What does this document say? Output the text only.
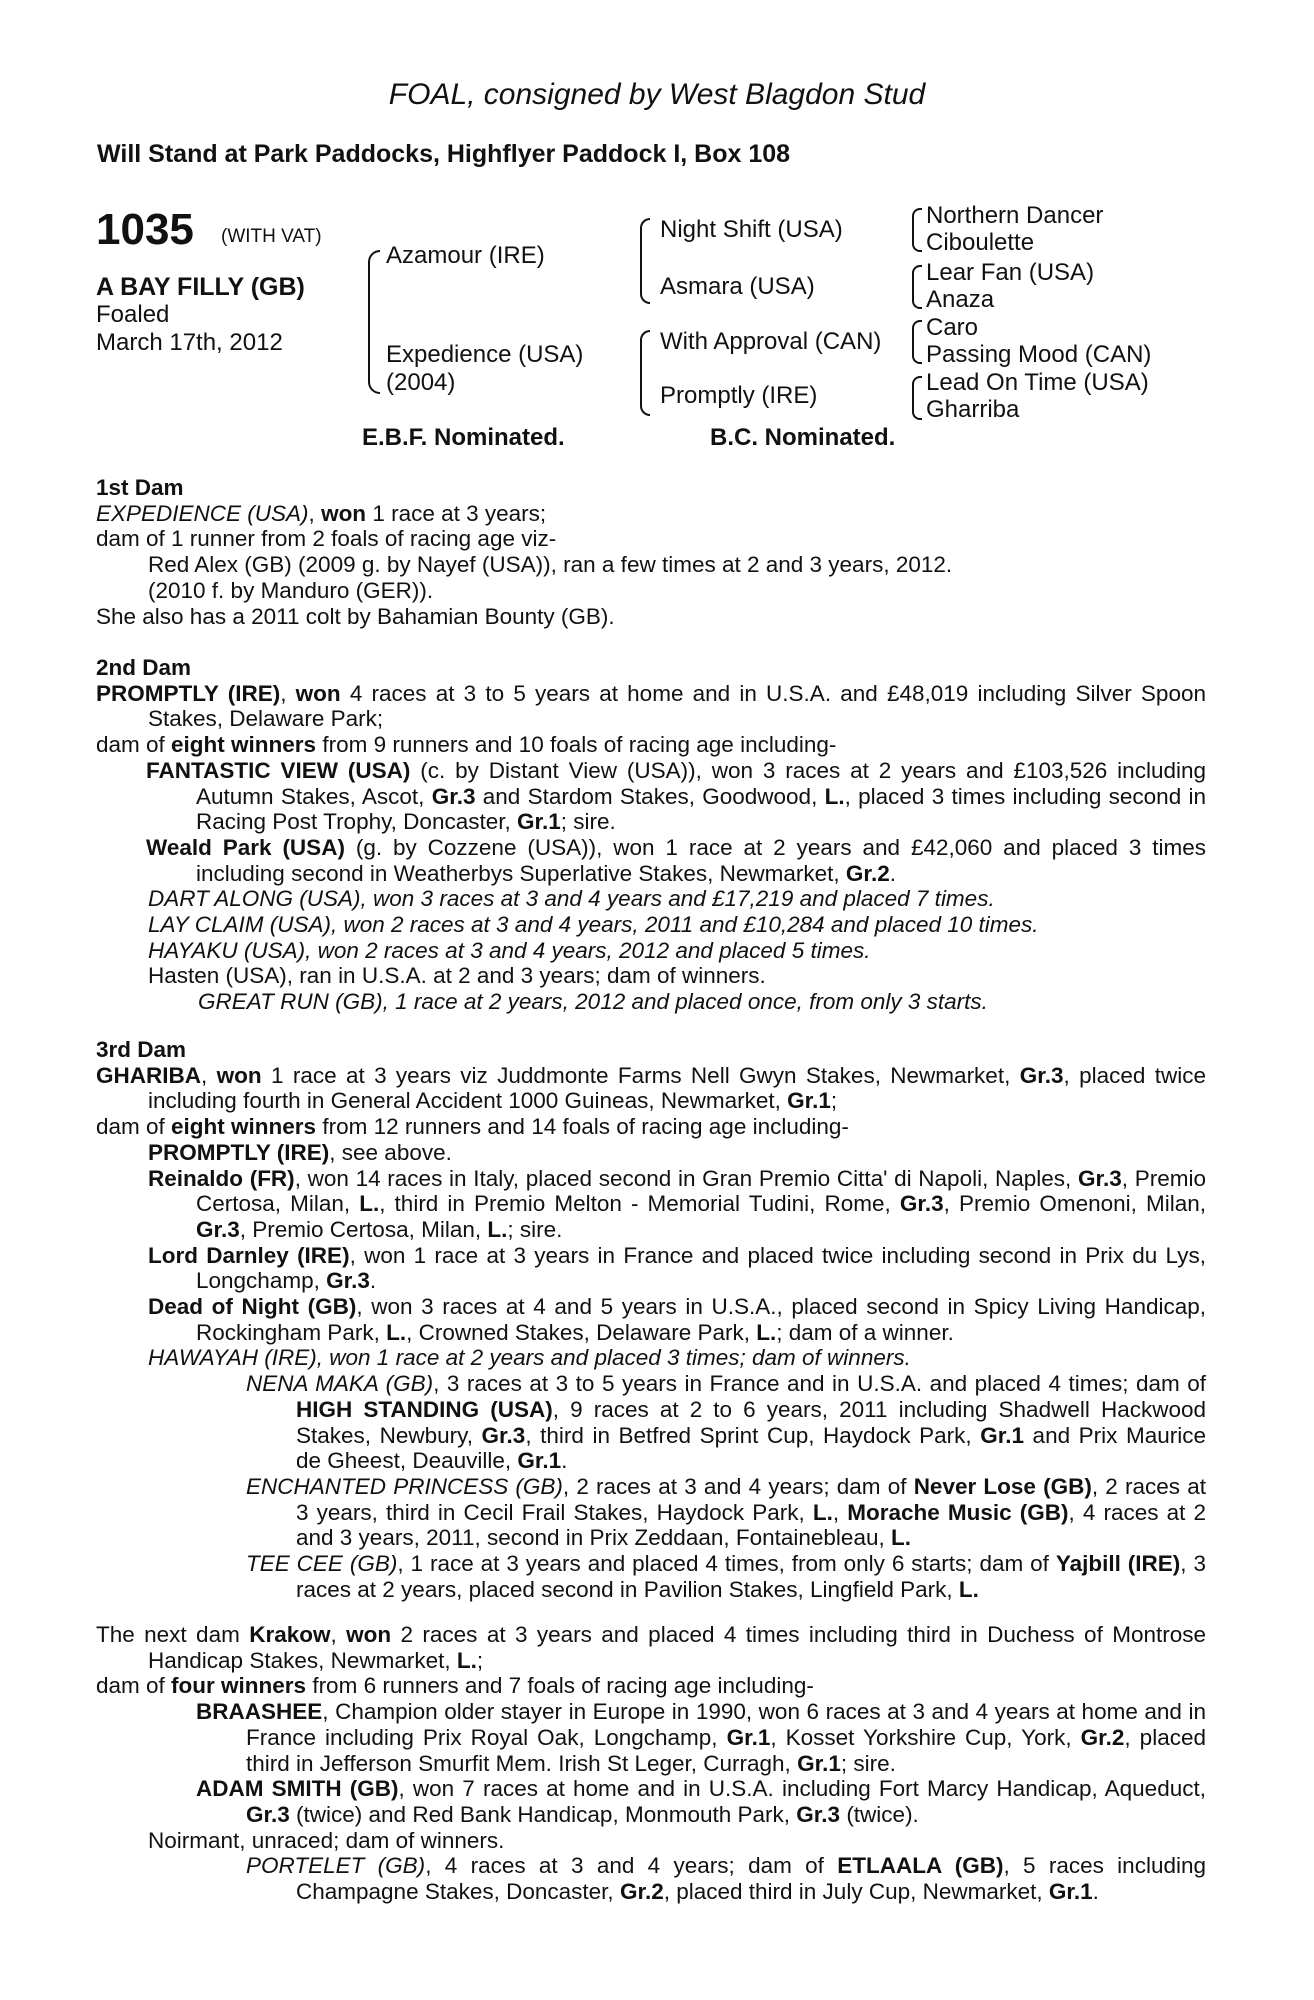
FOAL, consigned by West Blagdon Stud
Will Stand at Park Paddocks, Highflyer Paddock I, Box 108
1035 (WITH VAT)
A BAY FILLY (GB)
Foaled
March 17th, 2012
Azamour (IRE)
Expedience (USA)
(2004)
Night Shift (USA)
Asmara (USA)
With Approval (CAN)
Promptly (IRE)
Northern Dancer
Ciboulette
Lear Fan (USA)
Anaza
Caro
Passing Mood (CAN)
Lead On Time (USA)
Gharriba
E.B.F. Nominated.	B.C. Nominated.

1st Dam

EXPEDIENCE (USA), won 1 race at 3 years;

dam of 1 runner from 2 foals of racing age viz-

Red Alex (GB) (2009 g. by Nayef (USA)), ran a few times at 2 and 3 years, 2012.

(2010 f. by Manduro (GER)).

She also has a 2011 colt by Bahamian Bounty (GB).

2nd Dam

PROMPTLY (IRE), won 4 races at 3 to 5 years at home and in U.S.A. and £48,019 including Silver Spoon Stakes, Delaware Park;

dam of eight winners from 9 runners and 10 foals of racing age including-

FANTASTIC VIEW (USA) (c. by Distant View (USA)), won 3 races at 2 years and £103,526 including Autumn Stakes, Ascot, Gr.3 and Stardom Stakes, Goodwood, L., placed 3 times including second in Racing Post Trophy, Doncaster, Gr.1; sire.

Weald Park (USA) (g. by Cozzene (USA)), won 1 race at 2 years and £42,060 and placed 3 times including second in Weatherbys Superlative Stakes, Newmarket, Gr.2.

DART ALONG (USA), won 3 races at 3 and 4 years and £17,219 and placed 7 times.

LAY CLAIM (USA), won 2 races at 3 and 4 years, 2011 and £10,284 and placed 10 times.

HAYAKU (USA), won 2 races at 3 and 4 years, 2012 and placed 5 times.

Hasten (USA), ran in U.S.A. at 2 and 3 years; dam of winners.

GREAT RUN (GB), 1 race at 2 years, 2012 and placed once, from only 3 starts.

3rd Dam

GHARIBA, won 1 race at 3 years viz Juddmonte Farms Nell Gwyn Stakes, Newmarket, Gr.3, placed twice including fourth in General Accident 1000 Guineas, Newmarket, Gr.1;

dam of eight winners from 12 runners and 14 foals of racing age including-

PROMPTLY (IRE), see above.

Reinaldo (FR), won 14 races in Italy, placed second in Gran Premio Citta' di Napoli, Naples, Gr.3, Premio Certosa, Milan, L., third in Premio Melton - Memorial Tudini, Rome, Gr.3, Premio Omenoni, Milan, Gr.3, Premio Certosa, Milan, L.; sire.

Lord Darnley (IRE), won 1 race at 3 years in France and placed twice including second in Prix du Lys, Longchamp, Gr.3.

Dead of Night (GB), won 3 races at 4 and 5 years in U.S.A., placed second in Spicy Living Handicap, Rockingham Park, L., Crowned Stakes, Delaware Park, L.; dam of a winner.

HAWAYAH (IRE), won 1 race at 2 years and placed 3 times; dam of winners.

NENA MAKA (GB), 3 races at 3 to 5 years in France and in U.S.A. and placed 4 times; dam of HIGH STANDING (USA), 9 races at 2 to 6 years, 2011 including Shadwell Hackwood Stakes, Newbury, Gr.3, third in Betfred Sprint Cup, Haydock Park, Gr.1 and Prix Maurice de Gheest, Deauville, Gr.1.

ENCHANTED PRINCESS (GB), 2 races at 3 and 4 years; dam of Never Lose (GB), 2 races at 3 years, third in Cecil Frail Stakes, Haydock Park, L., Morache Music (GB), 4 races at 2 and 3 years, 2011, second in Prix Zeddaan, Fontainebleau, L.

TEE CEE (GB), 1 race at 3 years and placed 4 times, from only 6 starts; dam of Yajbill (IRE), 3 races at 2 years, placed second in Pavilion Stakes, Lingfield Park, L.

The next dam Krakow, won 2 races at 3 years and placed 4 times including third in Duchess of Montrose Handicap Stakes, Newmarket, L.;

dam of four winners from 6 runners and 7 foals of racing age including-

BRAASHEE, Champion older stayer in Europe in 1990, won 6 races at 3 and 4 years at home and in France including Prix Royal Oak, Longchamp, Gr.1, Kosset Yorkshire Cup, York, Gr.2, placed third in Jefferson Smurfit Mem. Irish St Leger, Curragh, Gr.1; sire.

ADAM SMITH (GB), won 7 races at home and in U.S.A. including Fort Marcy Handicap, Aqueduct, Gr.3 (twice) and Red Bank Handicap, Monmouth Park, Gr.3 (twice).

Noirmant, unraced; dam of winners.

PORTELET (GB), 4 races at 3 and 4 years; dam of ETLAALA (GB), 5 races including Champagne Stakes, Doncaster, Gr.2, placed third in July Cup, Newmarket, Gr.1.
